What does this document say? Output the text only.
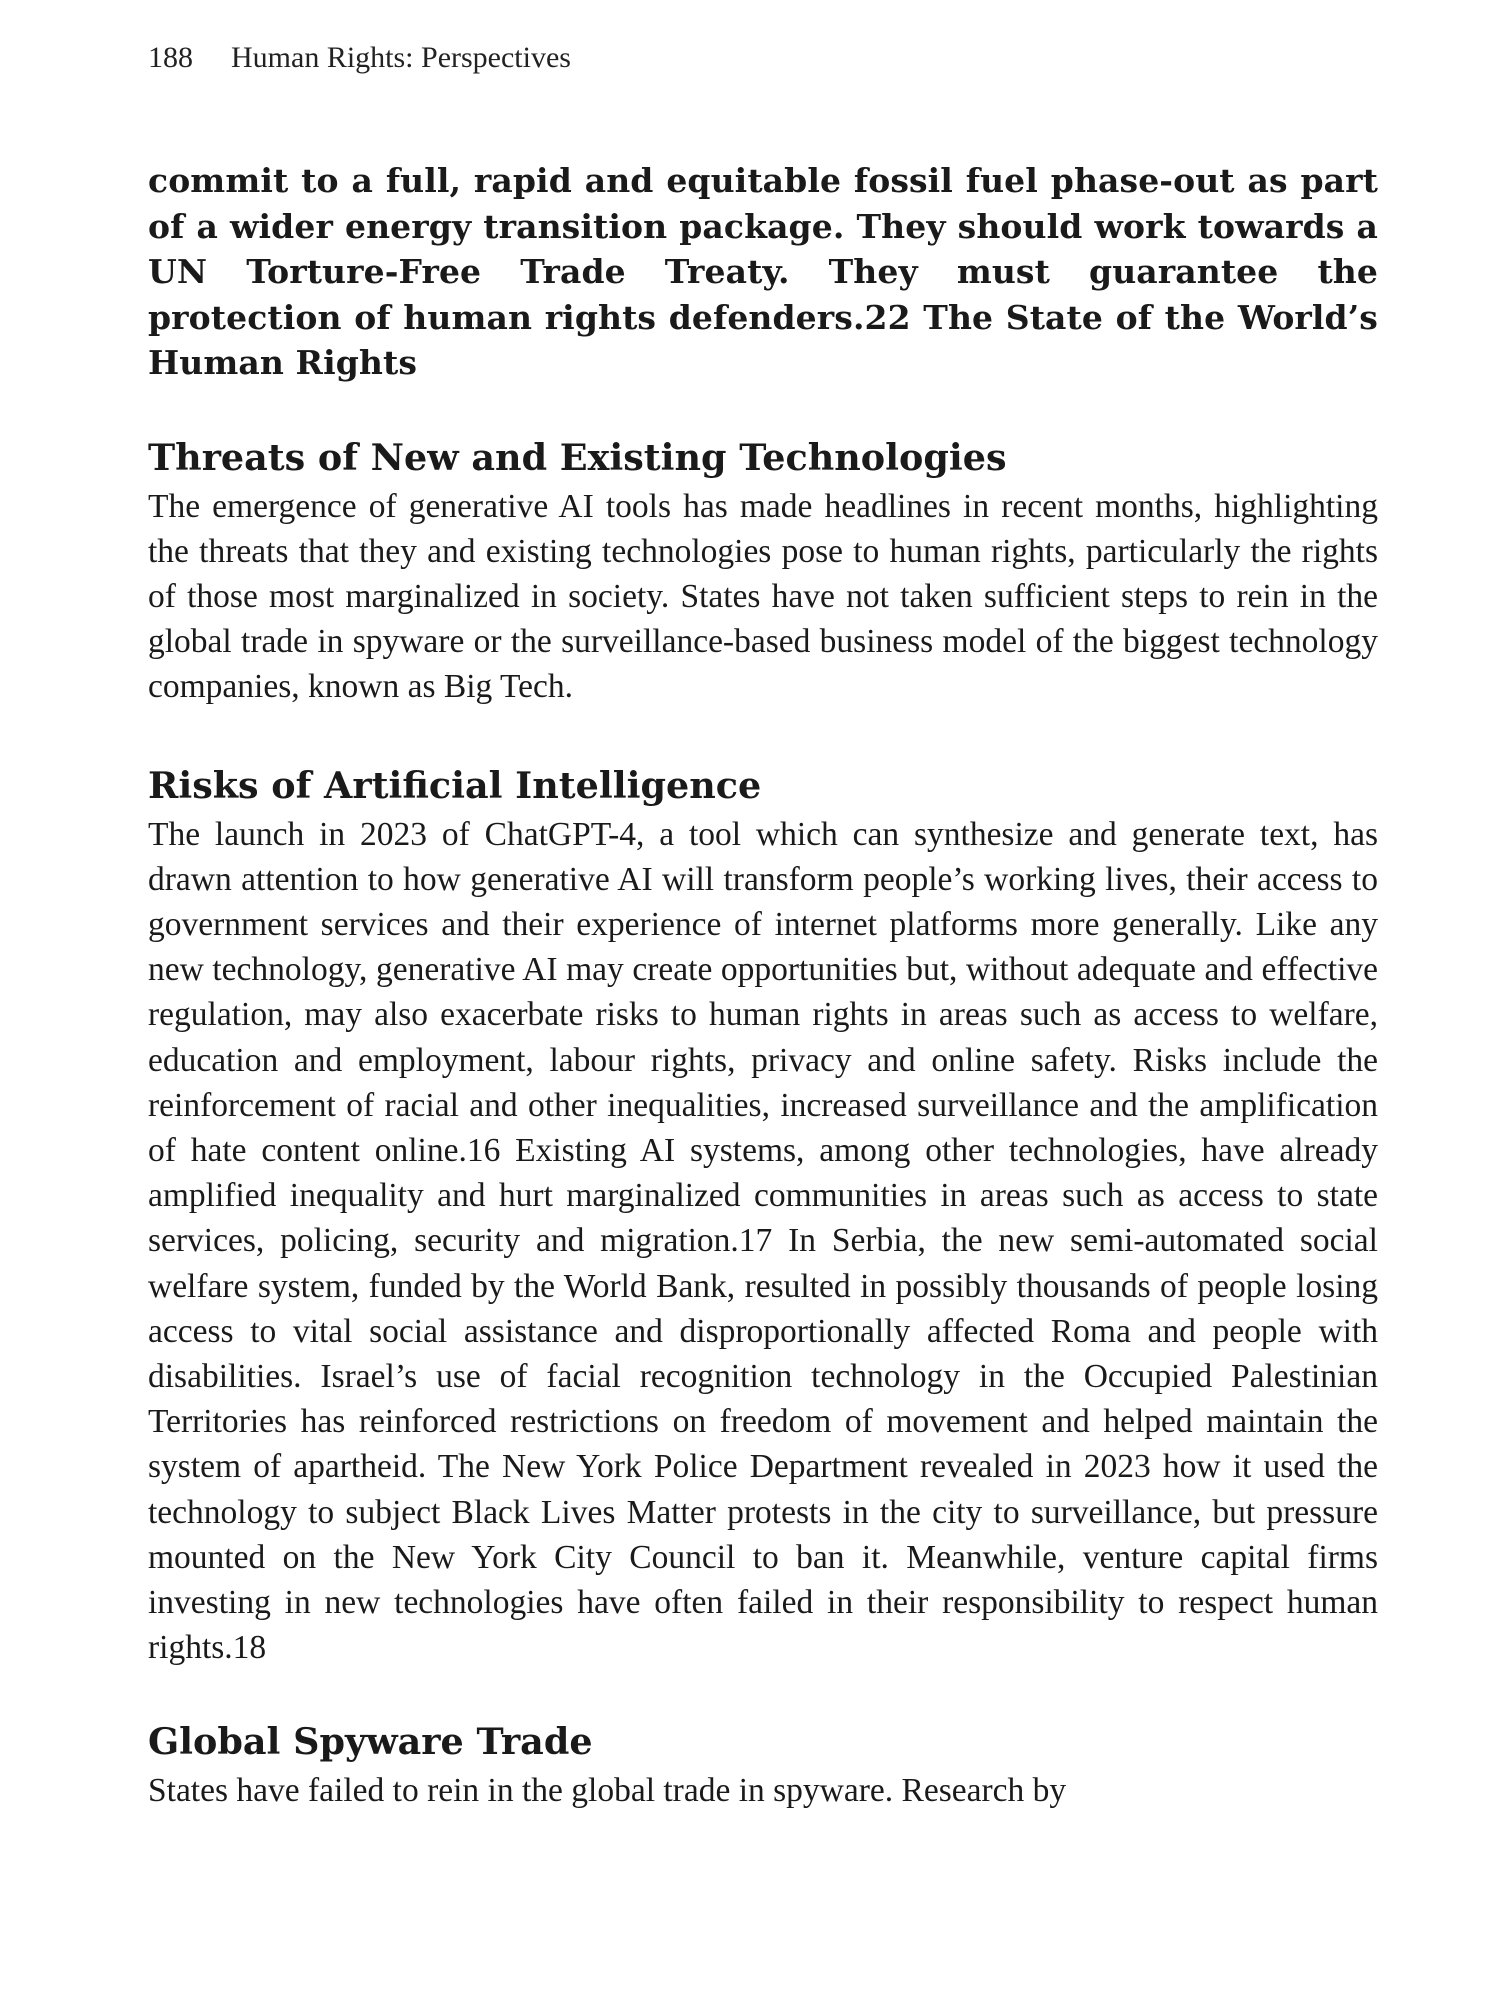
188 Human Rights: Perspectives

commit to a full, rapid and equitable fossil fuel phase-out as part of a wider energy transition package. They should work towards a UN Torture-Free Trade Treaty. They must guarantee the protection of human rights defenders.22 The State of the World’s Human Rights

Threats of New and Existing Technologies

The emergence of generative AI tools has made headlines in recent months, highlighting the threats that they and existing technologies pose to human rights, particularly the rights of those most marginalized in society. States have not taken sufficient steps to rein in the global trade in spyware or the surveillance-based business model of the biggest technology companies, known as Big Tech.

Risks of Artificial Intelligence

The launch in 2023 of ChatGPT-4, a tool which can synthesize and generate text, has drawn attention to how generative AI will transform people’s working lives, their access to government services and their experience of internet platforms more generally. Like any new technology, generative AI may create opportunities but, without adequate and effective regulation, may also exacerbate risks to human rights in areas such as access to welfare, education and employment, labour rights, privacy and online safety. Risks include the reinforcement of racial and other inequalities, increased surveillance and the amplification of hate content online.16 Existing AI systems, among other technologies, have already amplified inequality and hurt marginalized communities in areas such as access to state services, policing, security and migration.17 In Serbia, the new semi-automated social welfare system, funded by the World Bank, resulted in possibly thousands of people losing access to vital social assistance and disproportionally affected Roma and people with disabilities. Israel’s use of facial recognition technology in the Occupied Palestinian Territories has reinforced restrictions on freedom of movement and helped maintain the system of apartheid. The New York Police Department revealed in 2023 how it used the technology to subject Black Lives Matter protests in the city to surveillance, but pressure mounted on the New York City Council to ban it. Meanwhile, venture capital firms investing in new technologies have often failed in their responsibility to respect human rights.18

Global Spyware Trade

States have failed to rein in the global trade in spyware. Research by
